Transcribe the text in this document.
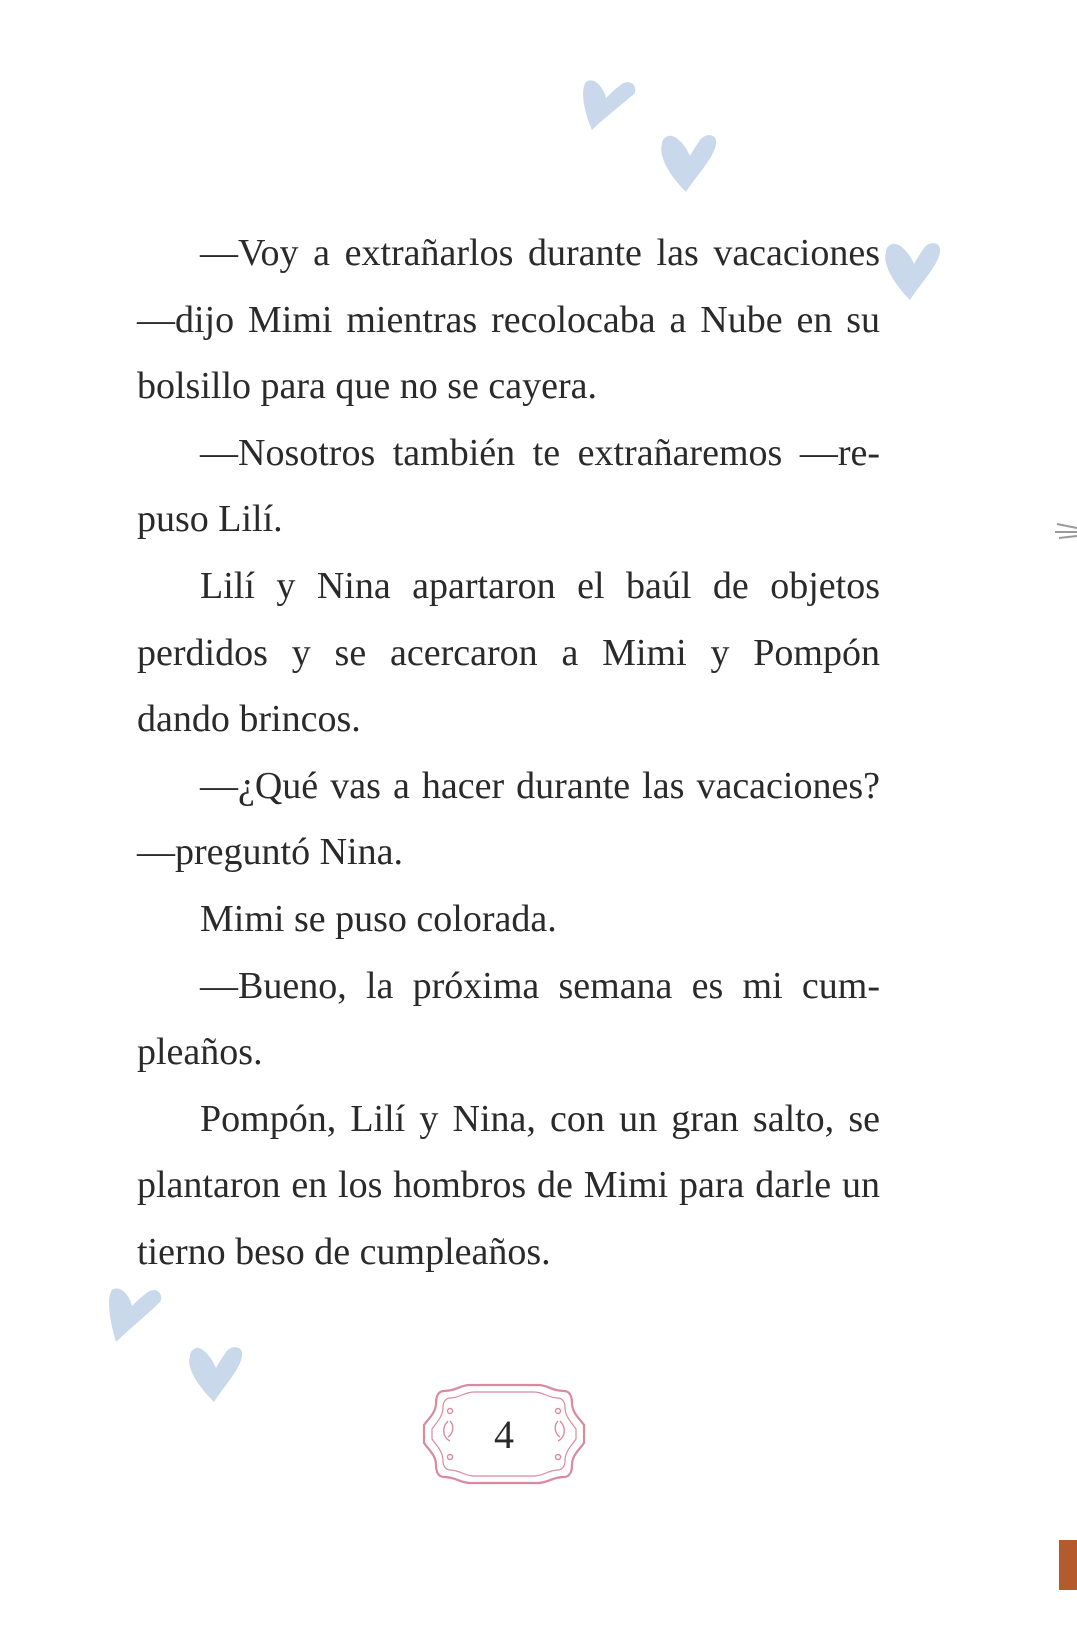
—Voy a extrañarlos durante las vacaciones —dijo Mimi mientras recolocaba a Nube en su bolsillo para que no se cayera.

—Nosotros también te extrañaremos —repuso Lilí.

Lilí y Nina apartaron el baúl de objetos perdidos y se acercaron a Mimi y Pompón dando brincos.

—¿Qué vas a hacer durante las vacaciones? —preguntó Nina.

Mimi se puso colorada.

—Bueno, la próxima semana es mi cumpleaños.

Pompón, Lilí y Nina, con un gran salto, se plantaron en los hombros de Mimi para darle un tierno beso de cumpleaños.

4
